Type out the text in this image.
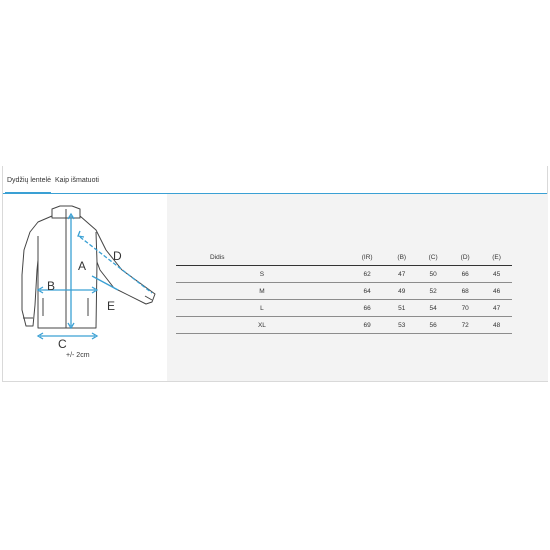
Dydžių lentelė Kaip išmatuoti
A
B
C
D
E
+/- 2cm
Didis	(IR)	(B)	(C)	(D)	(E)
S	62	47	50	66	45
M	64	49	52	68	46
L	66	51	54	70	47
XL	69	53	56	72	48
